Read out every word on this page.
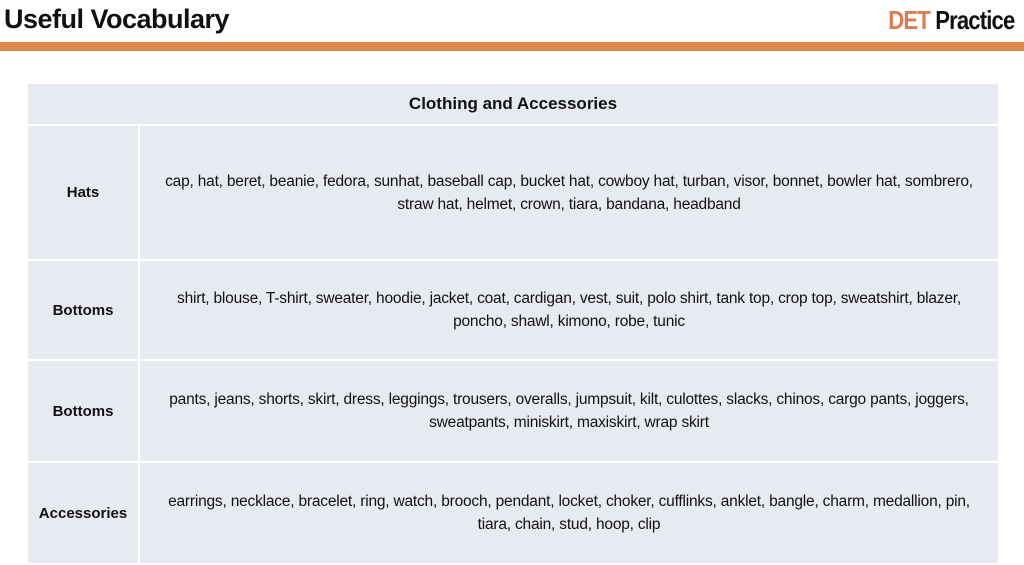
Useful Vocabulary	DET Practice
Clothing and Accessories	
Hats	cap, hat, beret, beanie, fedora, sunhat, baseball cap, bucket hat, cowboy hat, turban, visor, bonnet, bowler hat, sombrero, straw hat, helmet, crown, tiara, bandana, headband
Bottoms	shirt, blouse, T-shirt, sweater, hoodie, jacket, coat, cardigan, vest, suit, polo shirt, tank top, crop top, sweatshirt, blazer, poncho, shawl, kimono, robe, tunic
Bottoms	pants, jeans, shorts, skirt, dress, leggings, trousers, overalls, jumpsuit, kilt, culottes, slacks, chinos, cargo pants, joggers, sweatpants, miniskirt, maxiskirt, wrap skirt
Accessories	earrings, necklace, bracelet, ring, watch, brooch, pendant, locket, choker, cufflinks, anklet, bangle, charm, medallion, pin, tiara, chain, stud, hoop, clip
